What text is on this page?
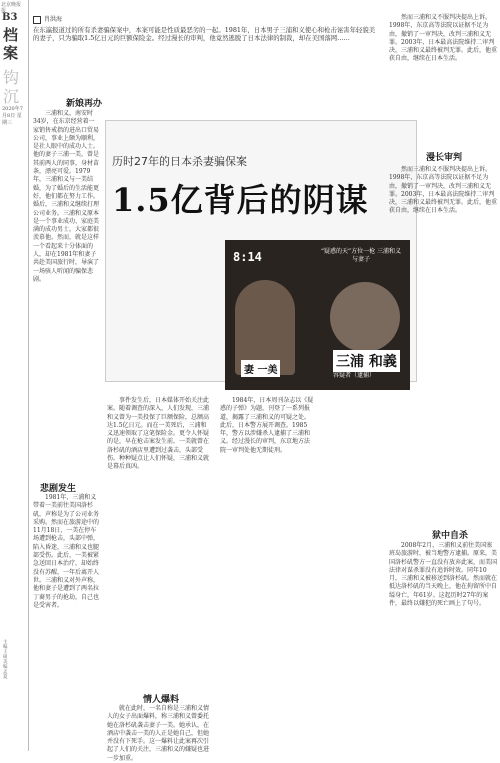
北京晚报 报
B3
档案
钩沉
2020年7月8日 星期三
主编 王硕 美编 孟夏
肖洪海

在东瀛报道过的所有杀妻骗保案中，本案可能是性质最恶劣的一起。1981年，日本男子三浦和义使心和枪击诬害年轻貌美的妻子，只为骗取1.5亿日元的巨额保险金。经过漫长的审判，他竟然逃脱了日本法律的制裁，却在美国落网……

历时27年的日本杀妻骗保案
1.5亿背后的阴谋
8:14	“疑惑的天”方位一枪 三浦和义与妻子
妻 一美
三浦 和義
容疑者（逮捕）
新娘再办

三浦和义，南安时34岁，在东京经营着一家销售戒指的进出口贸易公司，事业上颇为顺利，是社人眼中的成功人士。他的妻子三浦一美，曾是其前两人的同事，身材苗条，漂亮可爱。1979年，三浦和义与一美结婚，为了婚后的生活能更好，他们都在努力工作。婚后，三浦和义继续打理公司业务。三浦和义原本是一个事业成功、家庭美满的成功男士，大家都很羡慕他。然而，就是这样一个看起来十分体面的人，却在1981年和妻子共赴美国旅行时，导演了一场骇人听闻的骗保悲剧。

悲剧发生

1981年，三浦和义带着一美前往美国洛杉矶，声称是为了公司业务采购。然而在旅游途中的11月18日，一美在停车场遭到枪击，头部中弹，陷入昏迷，三浦和义也腿部受伤。此后，一美被紧急送回日本治疗，却始终没有苏醒，一年后离开人世。三浦和义对外声称，他和妻子是遭到了两名拉丁裔男子的抢劫，自己也是受害者。

事件发生后，日本媒体开始关注此案。随着调查的深入，人们发现，三浦和义曾为一美投保了巨额保险，总额高达1.5亿日元。而在一美死后，三浦和义迅速领取了这笔保险金。更令人怀疑的是，早在枪击案发生前，一美就曾在洛杉矶的酒店里遭到过袭击，头部受伤。种种疑点让人们怀疑，三浦和义就是幕后真凶。

情人爆料

就在此时，一名自称是三浦和义情人的女子出面爆料，称三浦和义曾委托她在洛杉矶袭击妻子一美。她承认，在酒店中袭击一美的人正是她自己，但她并没有下死手。这一爆料让此案再次引起了人们的关注，三浦和义的嫌疑也进一步加重。

1984年，日本周刊杂志以《疑惑的子弹》为题，刊登了一系列报道，揭露了三浦和义的可疑之处。此后，日本警方展开调查。1985年，警方以涉嫌杀人逮捕了三浦和义。经过漫长的审判，东京地方法院一审判处他无期徒刑。

漫长审判

然而三浦和义不服判决提出上诉。1998年，东京高等法院以证据不足为由，撤销了一审判决，改判三浦和义无罪。2003年，日本最高法院维持二审判决，三浦和义最终被判无罪。此后，他重获自由，继续在日本生活。

然而三浦和义不服判决提出上诉。1998年，东京高等法院以证据不足为由，撤销了一审判决，改判三浦和义无罪。2003年，日本最高法院维持二审判决，三浦和义最终被判无罪。此后，他重获自由，继续在日本生活。

狱中自杀

2008年2月，三浦和义前往美国塞班岛旅游时，被当地警方逮捕。原来，美国洛杉矶警方一直没有放弃此案，而美国法律对谋杀罪没有追诉时效。同年10月，三浦和义被移送到洛杉矶。然而就在抵达洛杉矶的当天晚上，他在拘留所中自缢身亡，年61岁。这起历时27年的案件，最终以嫌犯的死亡画上了句号。
